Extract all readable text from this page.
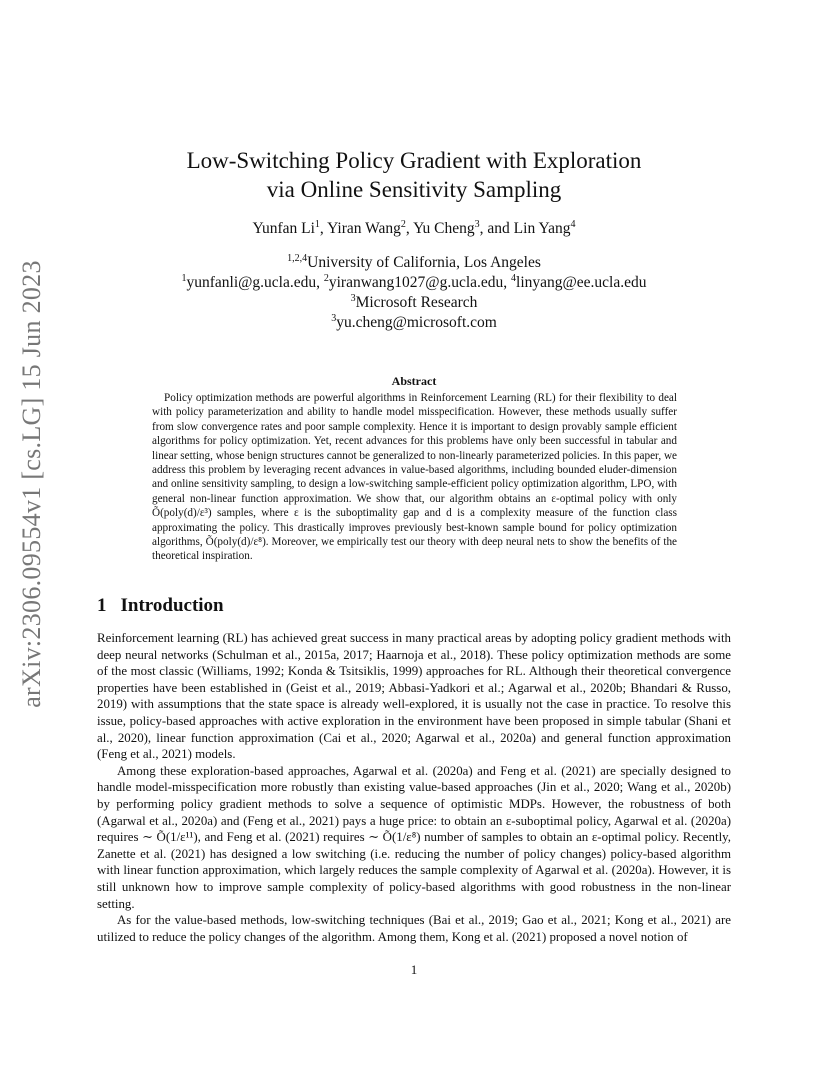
arXiv:2306.09554v1 [cs.LG] 15 Jun 2023
Low-Switching Policy Gradient with Exploration
via Online Sensitivity Sampling
Yunfan Li$^1$, Yiran Wang$^2$, Yu Cheng$^3$, and Lin Yang$^4$
$^{1,2,4}$University of California, Los Angeles
$^1$yunfanli@g.ucla.edu, $^2$yiranwang1027@g.ucla.edu, $^4$linyang@ee.ucla.edu
$^3$Microsoft Research
$^3$yu.cheng@microsoft.com
Abstract

Policy optimization methods are powerful algorithms in Reinforcement Learning (RL) for their flexibility to deal with policy parameterization and ability to handle model misspecification. However, these methods usually suffer from slow convergence rates and poor sample complexity. Hence it is important to design provably sample efficient algorithms for policy optimization. Yet, recent advances for this problems have only been successful in tabular and linear setting, whose benign structures cannot be generalized to non-linearly parameterized policies. In this paper, we address this problem by leveraging recent advances in value-based algorithms, including bounded eluder-dimension and online sensitivity sampling, to design a low-switching sample-efficient policy optimization algorithm, LPO, with general non-linear function approximation. We show that, our algorithm obtains an ε-optimal policy with only Õ(poly(d)/ε³) samples, where ε is the suboptimality gap and d is a complexity measure of the function class approximating the policy. This drastically improves previously best-known sample bound for policy optimization algorithms, Õ(poly(d)/ε⁸). Moreover, we empirically test our theory with deep neural nets to show the benefits of the theoretical inspiration.

1 Introduction

Reinforcement learning (RL) has achieved great success in many practical areas by adopting policy gradient methods with deep neural networks (Schulman et al., 2015a, 2017; Haarnoja et al., 2018). These policy optimization methods are some of the most classic (Williams, 1992; Konda & Tsitsiklis, 1999) approaches for RL. Although their theoretical convergence properties have been established in (Geist et al., 2019; Abbasi-Yadkori et al.; Agarwal et al., 2020b; Bhandari & Russo, 2019) with assumptions that the state space is already well-explored, it is usually not the case in practice. To resolve this issue, policy-based approaches with active exploration in the environment have been proposed in simple tabular (Shani et al., 2020), linear function approximation (Cai et al., 2020; Agarwal et al., 2020a) and general function approximation (Feng et al., 2021) models.

Among these exploration-based approaches, Agarwal et al. (2020a) and Feng et al. (2021) are specially designed to handle model-misspecification more robustly than existing value-based approaches (Jin et al., 2020; Wang et al., 2020b) by performing policy gradient methods to solve a sequence of optimistic MDPs. However, the robustness of both (Agarwal et al., 2020a) and (Feng et al., 2021) pays a huge price: to obtain an ε-suboptimal policy, Agarwal et al. (2020a) requires ∼ Õ(1/ε¹¹), and Feng et al. (2021) requires ∼ Õ(1/ε⁸) number of samples to obtain an ε-optimal policy. Recently, Zanette et al. (2021) has designed a low switching (i.e. reducing the number of policy changes) policy-based algorithm with linear function approximation, which largely reduces the sample complexity of Agarwal et al. (2020a). However, it is still unknown how to improve sample complexity of policy-based algorithms with good robustness in the non-linear setting.

As for the value-based methods, low-switching techniques (Bai et al., 2019; Gao et al., 2021; Kong et al., 2021) are utilized to reduce the policy changes of the algorithm. Among them, Kong et al. (2021) proposed a novel notion of

1
